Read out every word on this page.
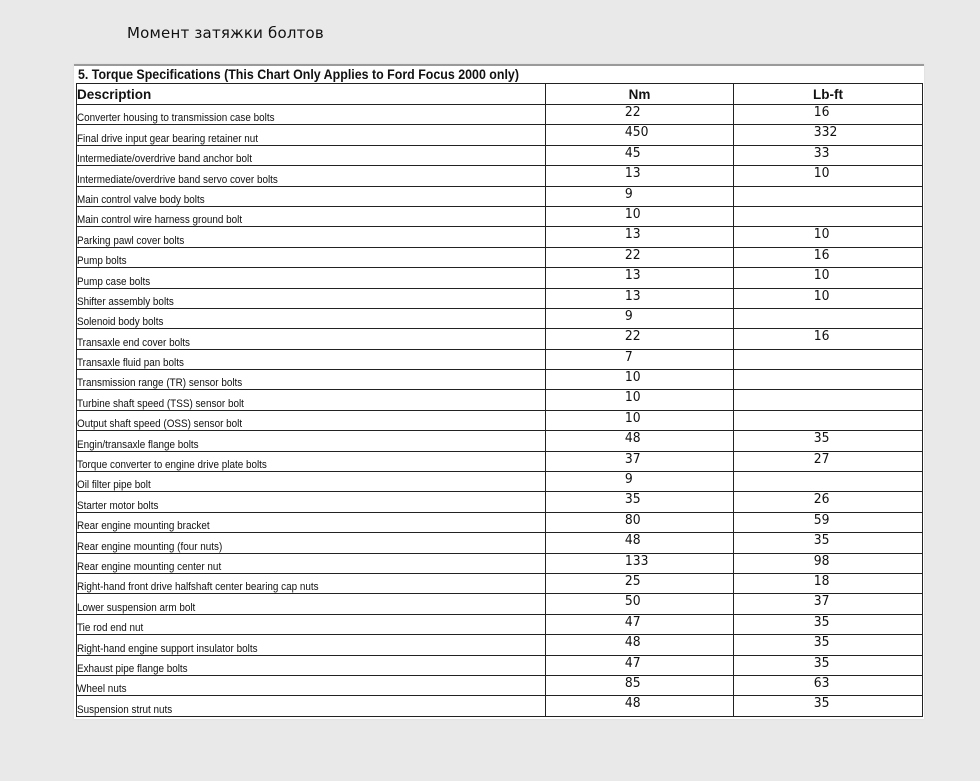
Момент затяжки болтов
5. Torque Specifications (This Chart Only Applies to Ford Focus 2000 only)
Description	Nm	Lb-ft
Converter housing to transmission case bolts	22	16
Final drive input gear bearing retainer nut	450	332
Intermediate/overdrive band anchor bolt	45	33
Intermediate/overdrive band servo cover bolts	13	10
Main control valve body bolts	9	
Main control wire harness ground bolt	10	
Parking pawl cover bolts	13	10
Pump bolts	22	16
Pump case bolts	13	10
Shifter assembly bolts	13	10
Solenoid body bolts	9	
Transaxle end cover bolts	22	16
Transaxle fluid pan bolts	7	
Transmission range (TR) sensor bolts	10	
Turbine shaft speed (TSS) sensor bolt	10	
Output shaft speed (OSS) sensor bolt	10	
Engin/transaxle flange bolts	48	35
Torque converter to engine drive plate bolts	37	27
Oil filter pipe bolt	9	
Starter motor bolts	35	26
Rear engine mounting bracket	80	59
Rear engine mounting (four nuts)	48	35
Rear engine mounting center nut	133	98
Right-hand front drive halfshaft center bearing cap nuts	25	18
Lower suspension arm bolt	50	37
Tie rod end nut	47	35
Right-hand engine support insulator bolts	48	35
Exhaust pipe flange bolts	47	35
Wheel nuts	85	63
Suspension strut nuts	48	35
